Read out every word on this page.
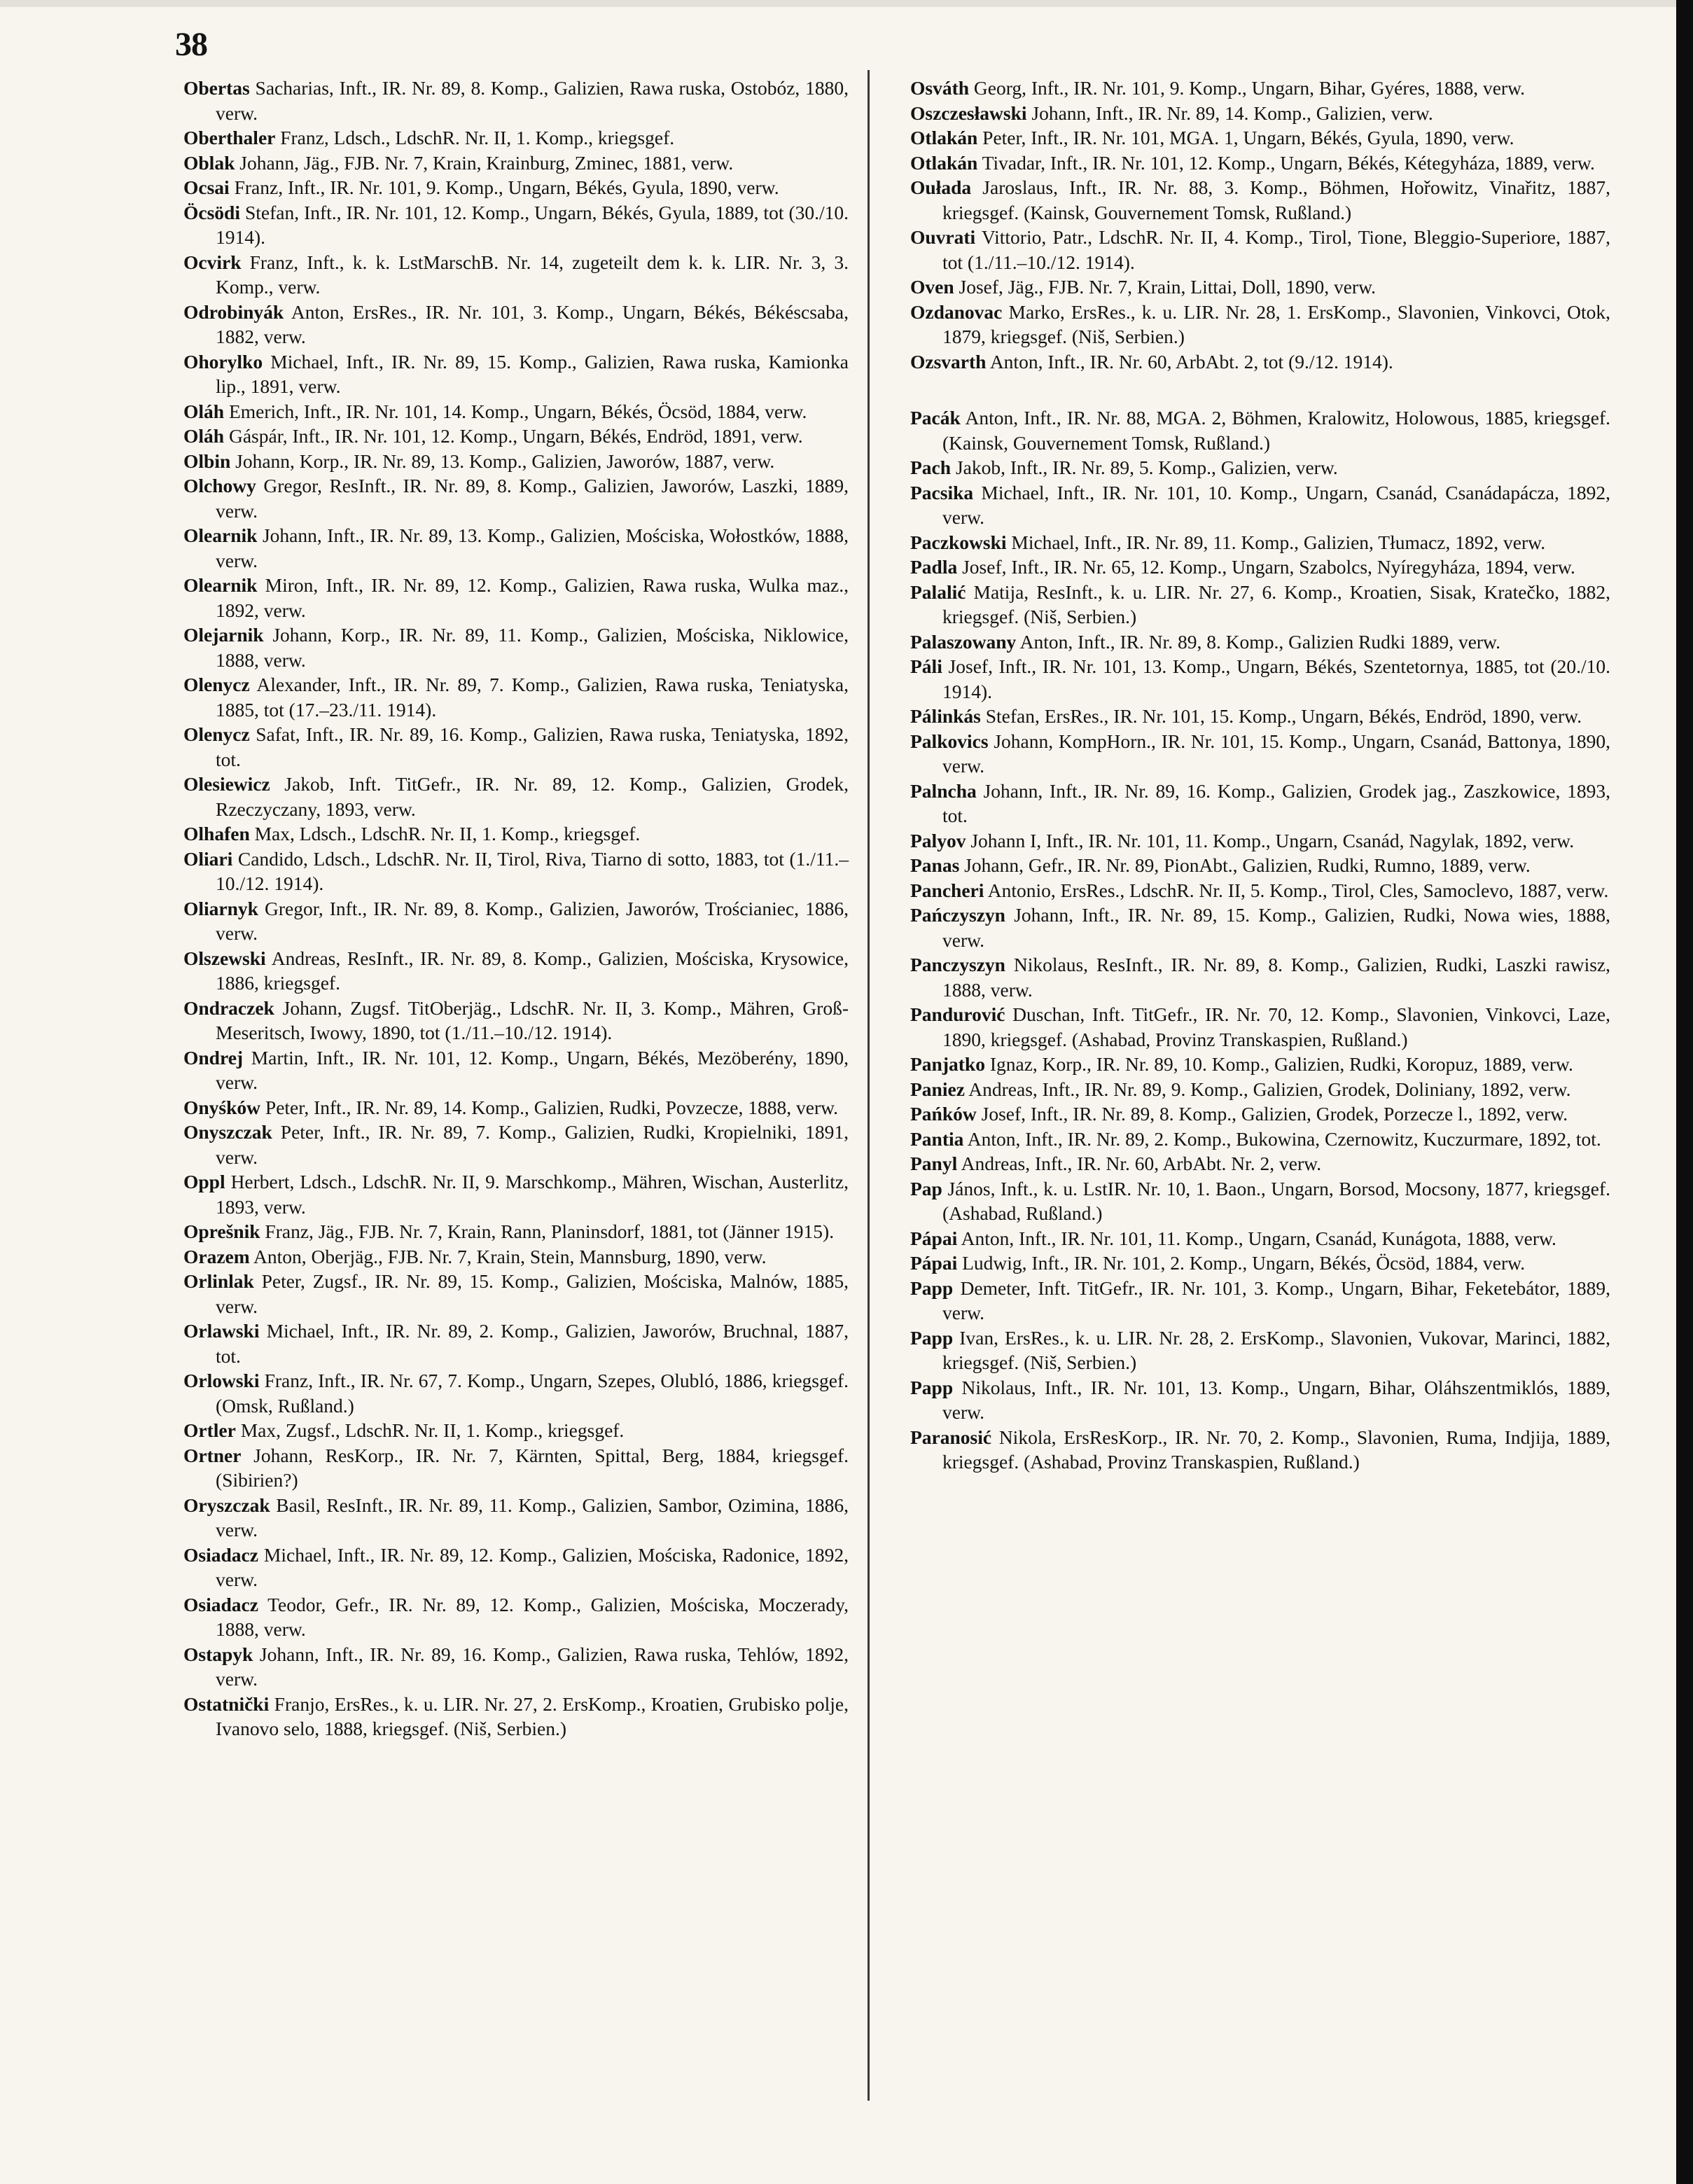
38
Obertas Sacharias, Inft., IR. Nr. 89, 8. Komp., Galizien, Rawa ruska, Ostobóz, 1880, verw.
Oberthaler Franz, Ldsch., LdschR. Nr. II, 1. Komp., kriegsgef.
Oblak Johann, Jäg., FJB. Nr. 7, Krain, Krainburg, Zminec, 1881, verw.
Ocsai Franz, Inft., IR. Nr. 101, 9. Komp., Ungarn, Békés, Gyula, 1890, verw.
Öcsödi Stefan, Inft., IR. Nr. 101, 12. Komp., Ungarn, Békés, Gyula, 1889, tot (30./10. 1914).
Ocvirk Franz, Inft., k. k. LstMarschB. Nr. 14, zugeteilt dem k. k. LIR. Nr. 3, 3. Komp., verw.
Odrobinyák Anton, ErsRes., IR. Nr. 101, 3. Komp., Ungarn, Békés, Békéscsaba, 1882, verw.
Ohorylko Michael, Inft., IR. Nr. 89, 15. Komp., Galizien, Rawa ruska, Kamionka lip., 1891, verw.
Oláh Emerich, Inft., IR. Nr. 101, 14. Komp., Ungarn, Békés, Öcsöd, 1884, verw.
Oláh Gáspár, Inft., IR. Nr. 101, 12. Komp., Ungarn, Békés, Endröd, 1891, verw.
Olbin Johann, Korp., IR. Nr. 89, 13. Komp., Galizien, Jaworów, 1887, verw.
Olchowy Gregor, ResInft., IR. Nr. 89, 8. Komp., Galizien, Jaworów, Laszki, 1889, verw.
Olearnik Johann, Inft., IR. Nr. 89, 13. Komp., Galizien, Mościska, Wołostków, 1888, verw.
Olearnik Miron, Inft., IR. Nr. 89, 12. Komp., Galizien, Rawa ruska, Wulka maz., 1892, verw.
Olejarnik Johann, Korp., IR. Nr. 89, 11. Komp., Galizien, Mościska, Niklowice, 1888, verw.
Olenycz Alexander, Inft., IR. Nr. 89, 7. Komp., Galizien, Rawa ruska, Teniatyska, 1885, tot (17.–23./11. 1914).
Olenycz Safat, Inft., IR. Nr. 89, 16. Komp., Galizien, Rawa ruska, Teniatyska, 1892, tot.
Olesiewicz Jakob, Inft. TitGefr., IR. Nr. 89, 12. Komp., Galizien, Grodek, Rzeczyczany, 1893, verw.
Olhafen Max, Ldsch., LdschR. Nr. II, 1. Komp., kriegsgef.
Oliari Candido, Ldsch., LdschR. Nr. II, Tirol, Riva, Tiarno di sotto, 1883, tot (1./11.–10./12. 1914).
Oliarnyk Gregor, Inft., IR. Nr. 89, 8. Komp., Galizien, Jaworów, Trościaniec, 1886, verw.
Olszewski Andreas, ResInft., IR. Nr. 89, 8. Komp., Galizien, Mościska, Krysowice, 1886, kriegsgef.
Ondraczek Johann, Zugsf. TitOberjäg., LdschR. Nr. II, 3. Komp., Mähren, Groß-Meseritsch, Iwowy, 1890, tot (1./11.–10./12. 1914).
Ondrej Martin, Inft., IR. Nr. 101, 12. Komp., Ungarn, Békés, Mezöberény, 1890, verw.
Onyśków Peter, Inft., IR. Nr. 89, 14. Komp., Galizien, Rudki, Povzecze, 1888, verw.
Onyszczak Peter, Inft., IR. Nr. 89, 7. Komp., Galizien, Rudki, Kropielniki, 1891, verw.
Oppl Herbert, Ldsch., LdschR. Nr. II, 9. Marschkomp., Mähren, Wischan, Austerlitz, 1893, verw.
Oprešnik Franz, Jäg., FJB. Nr. 7, Krain, Rann, Planinsdorf, 1881, tot (Jänner 1915).
Orazem Anton, Oberjäg., FJB. Nr. 7, Krain, Stein, Mannsburg, 1890, verw.
Orlinlak Peter, Zugsf., IR. Nr. 89, 15. Komp., Galizien, Mościska, Malnów, 1885, verw.
Orlawski Michael, Inft., IR. Nr. 89, 2. Komp., Galizien, Jaworów, Bruchnal, 1887, tot.
Orlowski Franz, Inft., IR. Nr. 67, 7. Komp., Ungarn, Szepes, Olubló, 1886, kriegsgef. (Omsk, Rußland.)
Ortler Max, Zugsf., LdschR. Nr. II, 1. Komp., kriegsgef.
Ortner Johann, ResKorp., IR. Nr. 7, Kärnten, Spittal, Berg, 1884, kriegsgef. (Sibirien?)
Oryszczak Basil, ResInft., IR. Nr. 89, 11. Komp., Galizien, Sambor, Ozimina, 1886, verw.
Osiadacz Michael, Inft., IR. Nr. 89, 12. Komp., Galizien, Mościska, Radonice, 1892, verw.
Osiadacz Teodor, Gefr., IR. Nr. 89, 12. Komp., Galizien, Mościska, Moczerady, 1888, verw.
Ostapyk Johann, Inft., IR. Nr. 89, 16. Komp., Galizien, Rawa ruska, Tehlów, 1892, verw.
Ostatnički Franjo, ErsRes., k. u. LIR. Nr. 27, 2. ErsKomp., Kroatien, Grubisko polje, Ivanovo selo, 1888, kriegsgef. (Niš, Serbien.)
Osváth Georg, Inft., IR. Nr. 101, 9. Komp., Ungarn, Bihar, Gyéres, 1888, verw.
Oszczesławski Johann, Inft., IR. Nr. 89, 14. Komp., Galizien, verw.
Otlakán Peter, Inft., IR. Nr. 101, MGA. 1, Ungarn, Békés, Gyula, 1890, verw.
Otlakán Tivadar, Inft., IR. Nr. 101, 12. Komp., Ungarn, Békés, Kétegyháza, 1889, verw.
Oułada Jaroslaus, Inft., IR. Nr. 88, 3. Komp., Böhmen, Hořowitz, Vinařitz, 1887, kriegsgef. (Kainsk, Gouvernement Tomsk, Rußland.)
Ouvrati Vittorio, Patr., LdschR. Nr. II, 4. Komp., Tirol, Tione, Bleggio-Superiore, 1887, tot (1./11.–10./12. 1914).
Oven Josef, Jäg., FJB. Nr. 7, Krain, Littai, Doll, 1890, verw.
Ozdanovac Marko, ErsRes., k. u. LIR. Nr. 28, 1. ErsKomp., Slavonien, Vinkovci, Otok, 1879, kriegsgef. (Niš, Serbien.)
Ozsvarth Anton, Inft., IR. Nr. 60, ArbAbt. 2, tot (9./12. 1914).
Pacák Anton, Inft., IR. Nr. 88, MGA. 2, Böhmen, Kralowitz, Holowous, 1885, kriegsgef. (Kainsk, Gouvernement Tomsk, Rußland.)
Pach Jakob, Inft., IR. Nr. 89, 5. Komp., Galizien, verw.
Pacsika Michael, Inft., IR. Nr. 101, 10. Komp., Ungarn, Csanád, Csanádapácza, 1892, verw.
Paczkowski Michael, Inft., IR. Nr. 89, 11. Komp., Galizien, Tłumacz, 1892, verw.
Padla Josef, Inft., IR. Nr. 65, 12. Komp., Ungarn, Szabolcs, Nyíregyháza, 1894, verw.
Palalić Matija, ResInft., k. u. LIR. Nr. 27, 6. Komp., Kroatien, Sisak, Kratečko, 1882, kriegsgef. (Niš, Serbien.)
Palaszowany Anton, Inft., IR. Nr. 89, 8. Komp., Galizien Rudki 1889, verw.
Páli Josef, Inft., IR. Nr. 101, 13. Komp., Ungarn, Békés, Szentetornya, 1885, tot (20./10. 1914).
Pálinkás Stefan, ErsRes., IR. Nr. 101, 15. Komp., Ungarn, Békés, Endröd, 1890, verw.
Palkovics Johann, KompHorn., IR. Nr. 101, 15. Komp., Ungarn, Csanád, Battonya, 1890, verw.
Palncha Johann, Inft., IR. Nr. 89, 16. Komp., Galizien, Grodek jag., Zaszkowice, 1893, tot.
Palyov Johann I, Inft., IR. Nr. 101, 11. Komp., Ungarn, Csanád, Nagylak, 1892, verw.
Panas Johann, Gefr., IR. Nr. 89, PionAbt., Galizien, Rudki, Rumno, 1889, verw.
Pancheri Antonio, ErsRes., LdschR. Nr. II, 5. Komp., Tirol, Cles, Samoclevo, 1887, verw.
Pańczyszyn Johann, Inft., IR. Nr. 89, 15. Komp., Galizien, Rudki, Nowa wies, 1888, verw.
Panczyszyn Nikolaus, ResInft., IR. Nr. 89, 8. Komp., Galizien, Rudki, Laszki rawisz, 1888, verw.
Pandurović Duschan, Inft. TitGefr., IR. Nr. 70, 12. Komp., Slavonien, Vinkovci, Laze, 1890, kriegsgef. (Ashabad, Provinz Transkaspien, Rußland.)
Panjatko Ignaz, Korp., IR. Nr. 89, 10. Komp., Galizien, Rudki, Koropuz, 1889, verw.
Paniez Andreas, Inft., IR. Nr. 89, 9. Komp., Galizien, Grodek, Doliniany, 1892, verw.
Pańków Josef, Inft., IR. Nr. 89, 8. Komp., Galizien, Grodek, Porzecze l., 1892, verw.
Pantia Anton, Inft., IR. Nr. 89, 2. Komp., Bukowina, Czernowitz, Kuczurmare, 1892, tot.
Panyl Andreas, Inft., IR. Nr. 60, ArbAbt. Nr. 2, verw.
Pap János, Inft., k. u. LstIR. Nr. 10, 1. Baon., Ungarn, Borsod, Mocsony, 1877, kriegsgef. (Ashabad, Rußland.)
Pápai Anton, Inft., IR. Nr. 101, 11. Komp., Ungarn, Csanád, Kunágota, 1888, verw.
Pápai Ludwig, Inft., IR. Nr. 101, 2. Komp., Ungarn, Békés, Öcsöd, 1884, verw.
Papp Demeter, Inft. TitGefr., IR. Nr. 101, 3. Komp., Ungarn, Bihar, Feketebátor, 1889, verw.
Papp Ivan, ErsRes., k. u. LIR. Nr. 28, 2. ErsKomp., Slavonien, Vukovar, Marinci, 1882, kriegsgef. (Niš, Serbien.)
Papp Nikolaus, Inft., IR. Nr. 101, 13. Komp., Ungarn, Bihar, Oláhszentmiklós, 1889, verw.
Paranosić Nikola, ErsResKorp., IR. Nr. 70, 2. Komp., Slavonien, Ruma, Indjija, 1889, kriegsgef. (Ashabad, Provinz Transkaspien, Rußland.)
